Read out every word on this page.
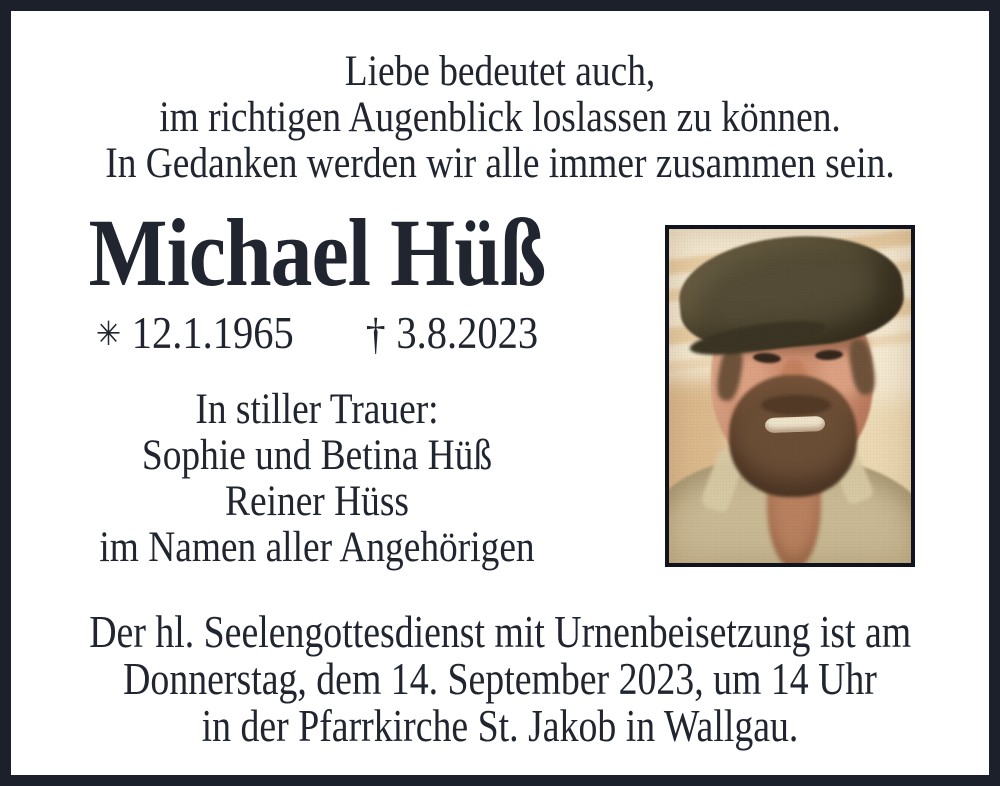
Liebe bedeutet auch,
im richtigen Augenblick loslassen zu können.
In Gedanken werden wir alle immer zusammen sein.
Michael Hüß
✳ 12.1.1965 † 3.8.2023
In stiller Trauer:
Sophie und Betina Hüß
Reiner Hüss
im Namen aller Angehörigen
Der hl. Seelengottesdienst mit Urnenbeisetzung ist am
Donnerstag, dem 14. September 2023, um 14 Uhr
in der Pfarrkirche St. Jakob in Wallgau.
